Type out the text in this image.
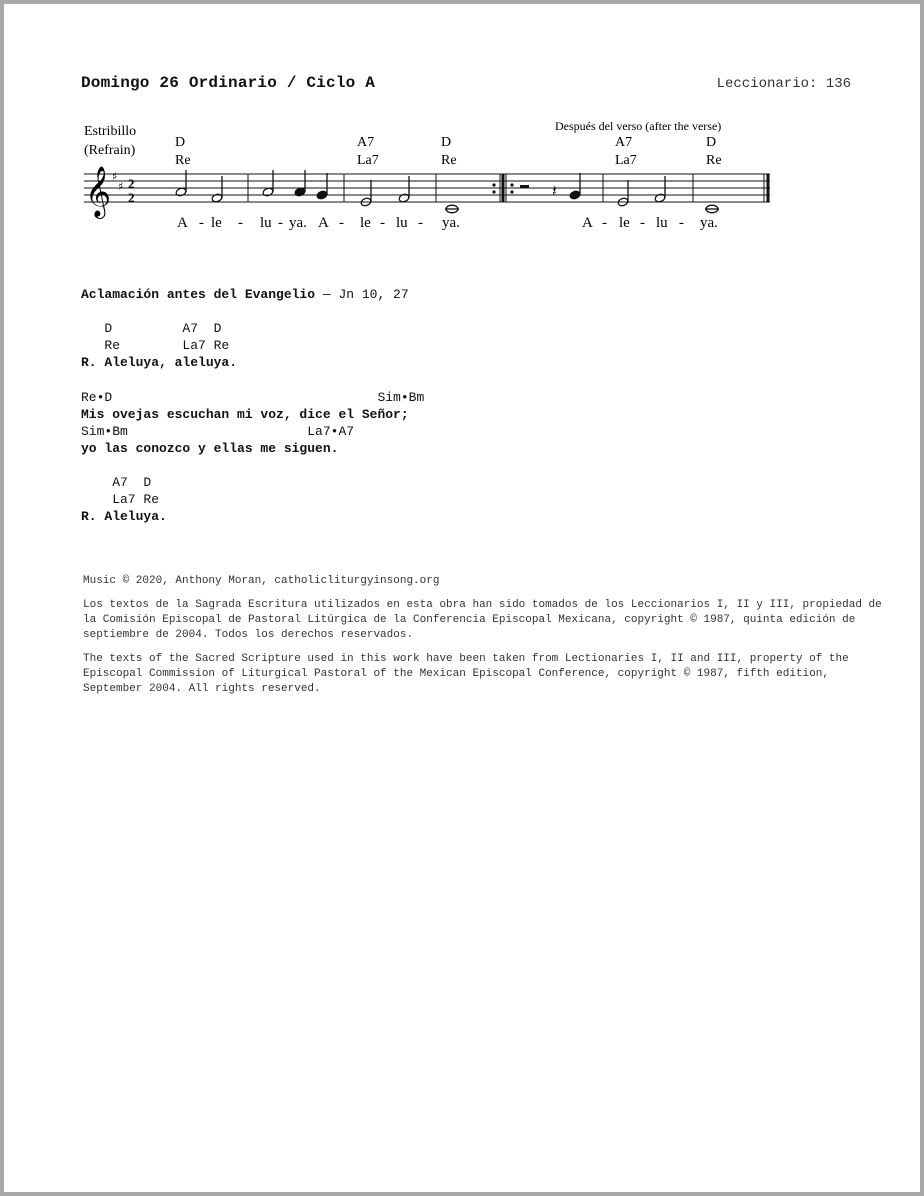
Domingo 26 Ordinario / Ciclo A	Leccionario: 136
Estribillo
(Refrain)
Después del verso (after the verse)
D
Re
A7
La7
D
Re
A7
La7
D
Re
𝄞 ♯
♯ 2
2	𝄽
A - le - lu - ya. A - le - lu - ya.	A - le - lu - ya.
Aclamación antes del Evangelio — Jn 10, 27
D         A7  D
Re        La7 Re
R. Aleluya, aleluya.
Re•D                                  Sim•Bm
Mis ovejas escuchan mi voz, dice el Señor;
Sim•Bm                       La7•A7
yo las conozco y ellas me siguen.
A7  D
La7 Re
R. Aleluya.

Music © 2020, Anthony Moran, catholicliturgyinsong.org

Los textos de la Sagrada Escritura utilizados en esta obra han sido tomados de los Leccionarios I, II y III, propiedad de la Comisión Episcopal de Pastoral Litúrgica de la Conferencia Episcopal Mexicana, copyright © 1987, quinta edición de septiembre de 2004. Todos los derechos reservados.

The texts of the Sacred Scripture used in this work have been taken from Lectionaries I, II and III, property of the Episcopal Commission of Liturgical Pastoral of the Mexican Episcopal Conference, copyright © 1987, fifth edition, September 2004. All rights reserved.
